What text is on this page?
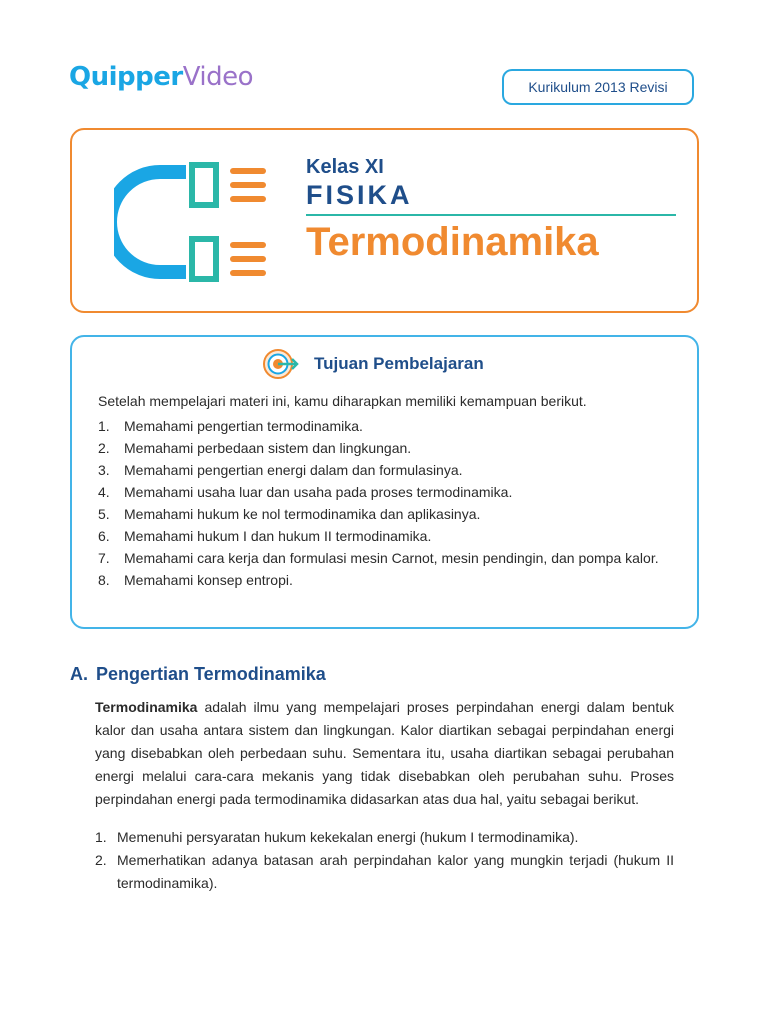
QuipperVideo	Kurikulum 2013 Revisi
Kelas XI
FISIKA
Termodinamika
Tujuan Pembelajaran
Setelah mempelajari materi ini, kamu diharapkan memiliki kemampuan berikut.
1.	Memahami pengertian termodinamika.
2.	Memahami perbedaan sistem dan lingkungan.
3.	Memahami pengertian energi dalam dan formulasinya.
4.	Memahami usaha luar dan usaha pada proses termodinamika.
5.	Memahami hukum ke nol termodinamika dan aplikasinya.
6.	Memahami hukum I dan hukum II termodinamika.
7.	Memahami cara kerja dan formulasi mesin Carnot, mesin pendingin, dan pompa kalor.
8.	Memahami konsep entropi.
A. Pengertian Termodinamika

Termodinamika adalah ilmu yang mempelajari proses perpindahan energi dalam bentuk kalor dan usaha antara sistem dan lingkungan. Kalor diartikan sebagai perpindahan energi yang disebabkan oleh perbedaan suhu. Sementara itu, usaha diartikan sebagai perubahan energi melalui cara-cara mekanis yang tidak disebabkan oleh perubahan suhu. Proses perpindahan energi pada termodinamika didasarkan atas dua hal, yaitu sebagai berikut.

1. Memenuhi persyaratan hukum kekekalan energi (hukum I termodinamika).
2. Memerhatikan adanya batasan arah perpindahan kalor yang mungkin terjadi (hukum II termodinamika).
